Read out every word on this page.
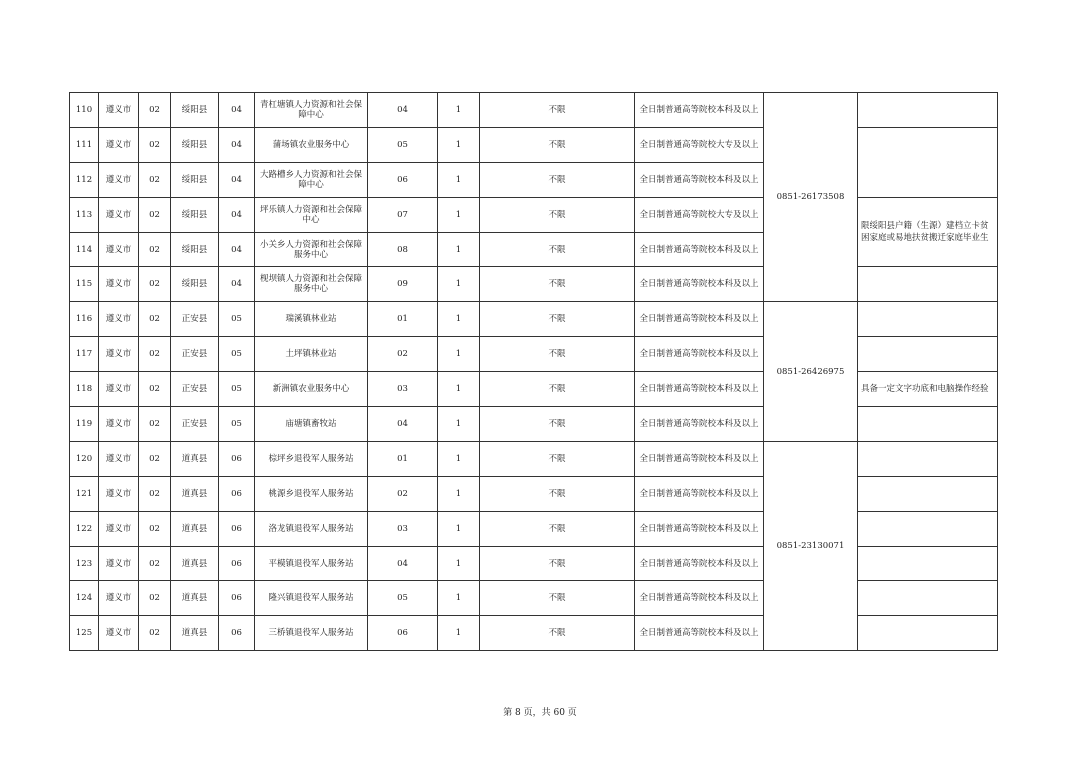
110	遵义市	02	绥阳县	04	青杠塘镇人力资源和社会保障中心	04	1	不限	全日制普通高等院校本科及以上	0851-26173508	
111	遵义市	02	绥阳县	04	蒲场镇农业服务中心	05	1	不限	全日制普通高等院校大专及以上		
112	遵义市	02	绥阳县	04	大路槽乡人力资源和社会保障中心	06	1	不限	全日制普通高等院校本科及以上		
113	遵义市	02	绥阳县	04	坪乐镇人力资源和社会保障中心	07	1	不限	全日制普通高等院校大专及以上		限绥阳县户籍（生源）建档立卡贫困家庭或易地扶贫搬迁家庭毕业生
114	遵义市	02	绥阳县	04	小关乡人力资源和社会保障服务中心	08	1	不限	全日制普通高等院校本科及以上		
115	遵义市	02	绥阳县	04	枧坝镇人力资源和社会保障服务中心	09	1	不限	全日制普通高等院校本科及以上		
116	遵义市	02	正安县	05	瑞溪镇林业站	01	1	不限	全日制普通高等院校本科及以上	0851-26426975	
117	遵义市	02	正安县	05	土坪镇林业站	02	1	不限	全日制普通高等院校本科及以上		
118	遵义市	02	正安县	05	新洲镇农业服务中心	03	1	不限	全日制普通高等院校本科及以上		具备一定文字功底和电脑操作经验
119	遵义市	02	正安县	05	庙塘镇畜牧站	04	1	不限	全日制普通高等院校本科及以上		
120	遵义市	02	道真县	06	棕坪乡退役军人服务站	01	1	不限	全日制普通高等院校本科及以上	0851-23130071	
121	遵义市	02	道真县	06	桃源乡退役军人服务站	02	1	不限	全日制普通高等院校本科及以上		
122	遵义市	02	道真县	06	洛龙镇退役军人服务站	03	1	不限	全日制普通高等院校本科及以上		
123	遵义市	02	道真县	06	平模镇退役军人服务站	04	1	不限	全日制普通高等院校本科及以上		
124	遵义市	02	道真县	06	隆兴镇退役军人服务站	05	1	不限	全日制普通高等院校本科及以上		
125	遵义市	02	道真县	06	三桥镇退役军人服务站	06	1	不限	全日制普通高等院校本科及以上		
第 8 页，共 60 页
